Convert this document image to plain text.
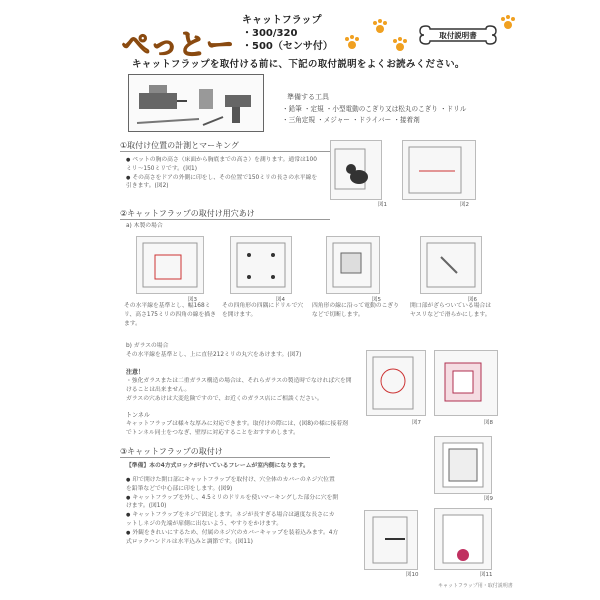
ぺっとー
キャットフラップ
・300/320
・500（センサ付）
取付説明書
キャットフラップを取付ける前に、下記の取付説明をよくお読みください。
準備する工具
・鉛筆 ・定規 ・小型電動のこぎり又は松丸のこぎり ・ドリル
・三角定規 ・メジャー ・ドライバー ・接着剤
①取付け位置の計測とマーキング
● ペットの胸の高さ（床面から胸底までの高さ）を測ります。通常は100ミリ〜150ミリです。(図1)
● その高さをドアの外側に印をし、その位置で150ミリの長さの水平線を引きます。(図2)
図1	図2
②キャットフラップの取付け用穴あけ
a) 木製の場合
図3
その水平線を基準とし、幅168ミリ、高さ175ミリの四角の線を描きます。
図4
その四角形の四隅にドリルで穴を開けます。
図5
四角形の線に沿って電動のこぎりなどで切断します。
図6
開口部がざらついている場合はヤスリなどで滑らかにします。
b) ガラスの場合
その水平線を基準とし、上に直径212ミリの丸穴をあけます。(図7)
注意！
・強化ガラスまたは二重ガラス構造の場合は、それらガラスの製造時でなければ穴を開けることは出来ません。
ガラスの穴あけは大変危険ですので、お近くのガラス店にご相談ください。
トンネル
キャットフラップは様々な厚みに対応できます。取付けの際には、(図8)の様に接着剤でトンネル同士をつなぎ、壁厚に対応することをおすすめします。
図7	図8
③キャットフラップの取付け
【準備】本の4方式ロックが付いているフレームが室内側になります。
● 印で開けた開口部にキャットフラップを取付け、穴全体のカバーのネジ穴位置を鉛筆などで中心部に印をします。(図9)
● キャットフラップを外し、4.5ミリのドリルを使いマーキングした部分に穴を開けます。(図10)
● キャットフラップをネジで固定します。ネジが長すぎる場合は適度な長さにカットしネジの先端が扉側に出ないよう、やすりをかけます。
● 外観をきれいにするため、付属のネジ穴のカバーキャップを装着込みます。4方式ロックハンドルは水平込みと調節です。(図11)
図9
図10	図11
キャットフラップ用・取付説明書
